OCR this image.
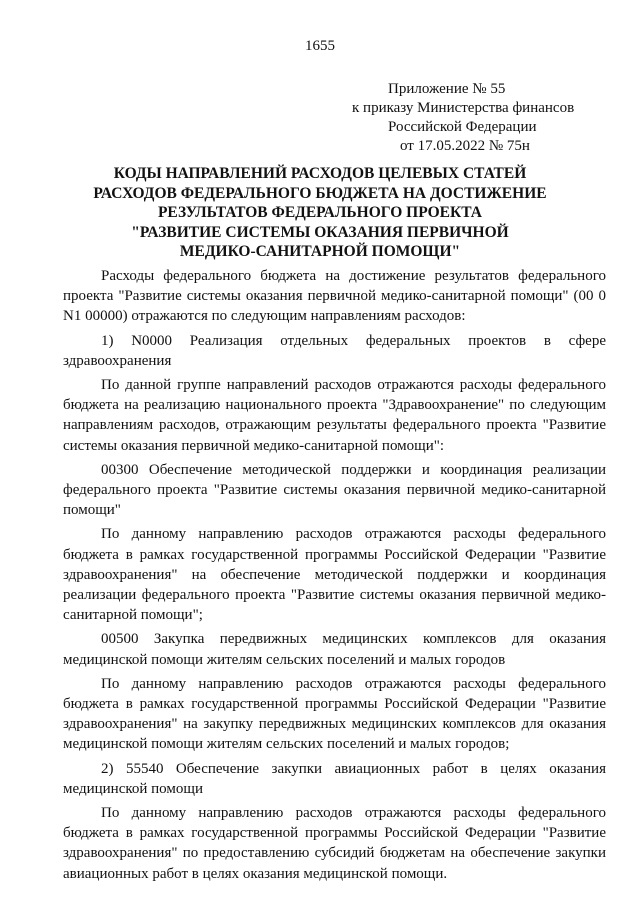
1655
Приложение № 55
к приказу Министерства финансов
Российской Федерации
от 17.05.2022 № 75н
КОДЫ НАПРАВЛЕНИЙ РАСХОДОВ ЦЕЛЕВЫХ СТАТЕЙ
РАСХОДОВ ФЕДЕРАЛЬНОГО БЮДЖЕТА НА ДОСТИЖЕНИЕ
РЕЗУЛЬТАТОВ ФЕДЕРАЛЬНОГО ПРОЕКТА
"РАЗВИТИЕ СИСТЕМЫ ОКАЗАНИЯ ПЕРВИЧНОЙ
МЕДИКО-САНИТАРНОЙ ПОМОЩИ"

Расходы федерального бюджета на достижение результатов федерального проекта "Развитие системы оказания первичной медико-санитарной помощи" (00 0 N1 00000) отражаются по следующим направлениям расходов:

1) N0000 Реализация отдельных федеральных проектов в сфере здравоохранения

По данной группе направлений расходов отражаются расходы федерального бюджета на реализацию национального проекта "Здравоохранение" по следующим направлениям расходов, отражающим результаты федерального проекта "Развитие системы оказания первичной медико-санитарной помощи":

00300 Обеспечение методической поддержки и координация реализации федерального проекта "Развитие системы оказания первичной медико-санитарной помощи"

По данному направлению расходов отражаются расходы федерального бюджета в рамках государственной программы Российской Федерации "Развитие здравоохранения" на обеспечение методической поддержки и координация реализации федерального проекта "Развитие системы оказания первичной медико-санитарной помощи";

00500 Закупка передвижных медицинских комплексов для оказания медицинской помощи жителям сельских поселений и малых городов

По данному направлению расходов отражаются расходы федерального бюджета в рамках государственной программы Российской Федерации "Развитие здравоохранения" на закупку передвижных медицинских комплексов для оказания медицинской помощи жителям сельских поселений и малых городов;

2) 55540 Обеспечение закупки авиационных работ в целях оказания медицинской помощи

По данному направлению расходов отражаются расходы федерального бюджета в рамках государственной программы Российской Федерации "Развитие здравоохранения" по предоставлению субсидий бюджетам на обеспечение закупки авиационных работ в целях оказания медицинской помощи.
